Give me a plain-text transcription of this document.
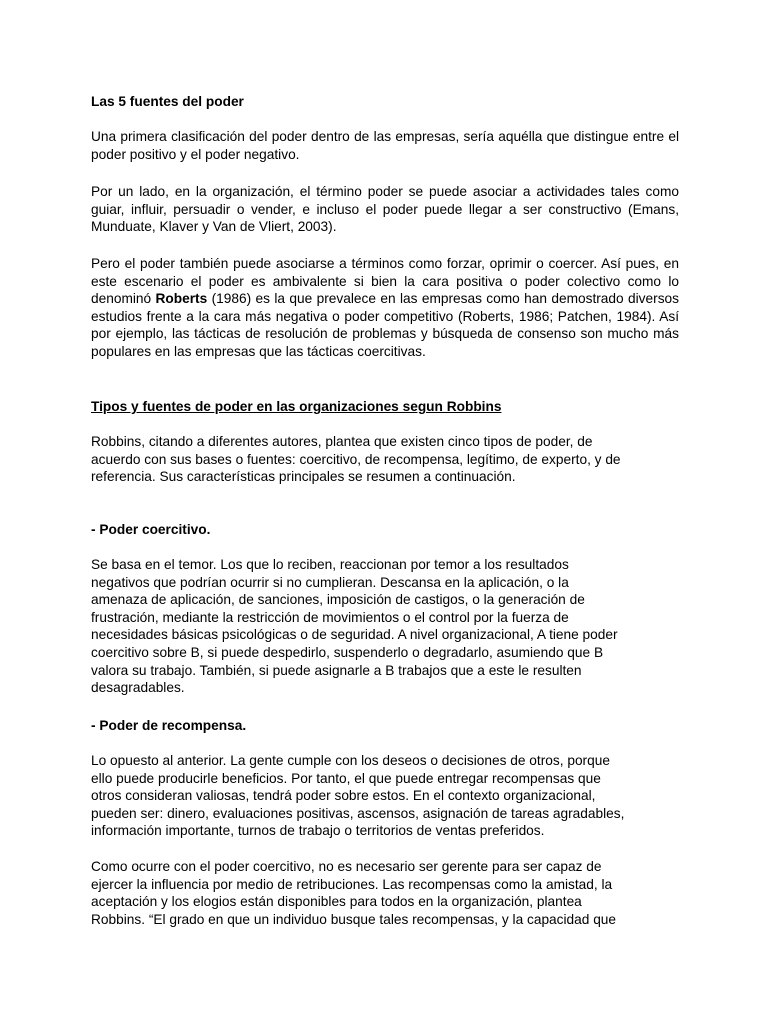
Las 5 fuentes del poder

Una primera clasificación del poder dentro de las empresas, sería aquélla que distingue entre el poder positivo y el poder negativo.

Por un lado, en la organización, el término poder se puede asociar a actividades tales como guiar, influir, persuadir o vender, e incluso el poder puede llegar a ser constructivo (Emans, Munduate, Klaver y Van de Vliert, 2003).

Pero el poder también puede asociarse a términos como forzar, oprimir o coercer. Así pues, en este escenario el poder es ambivalente si bien la cara positiva o poder colectivo como lo denominó Roberts (1986) es la que prevalece en las empresas como han demostrado diversos estudios frente a la cara más negativa o poder competitivo (Roberts, 1986; Patchen, 1984). Así por ejemplo, las tácticas de resolución de problemas y búsqueda de consenso son mucho más populares en las empresas que las tácticas coercitivas.

Tipos y fuentes de poder en las organizaciones segun Robbins

Robbins, citando a diferentes autores, plantea que existen cinco tipos de poder, de
acuerdo con sus bases o fuentes: coercitivo, de recompensa, legítimo, de experto, y de
referencia. Sus características principales se resumen a continuación.

- Poder coercitivo.

Se basa en el temor. Los que lo reciben, reaccionan por temor a los resultados
negativos que podrían ocurrir si no cumplieran. Descansa en la aplicación, o la
amenaza de aplicación, de sanciones, imposición de castigos, o la generación de
frustración, mediante la restricción de movimientos o el control por la fuerza de
necesidades básicas psicológicas o de seguridad. A nivel organizacional, A tiene poder
coercitivo sobre B, si puede despedirlo, suspenderlo o degradarlo, asumiendo que B
valora su trabajo. También, si puede asignarle a B trabajos que a este le resulten
desagradables.

- Poder de recompensa.

Lo opuesto al anterior. La gente cumple con los deseos o decisiones de otros, porque
ello puede producirle beneficios. Por tanto, el que puede entregar recompensas que
otros consideran valiosas, tendrá poder sobre estos. En el contexto organizacional,
pueden ser: dinero, evaluaciones positivas, ascensos, asignación de tareas agradables,
información importante, turnos de trabajo o territorios de ventas preferidos.

Como ocurre con el poder coercitivo, no es necesario ser gerente para ser capaz de
ejercer la influencia por medio de retribuciones. Las recompensas como la amistad, la
aceptación y los elogios están disponibles para todos en la organización, plantea
Robbins. “El grado en que un individuo busque tales recompensas, y la capacidad que
